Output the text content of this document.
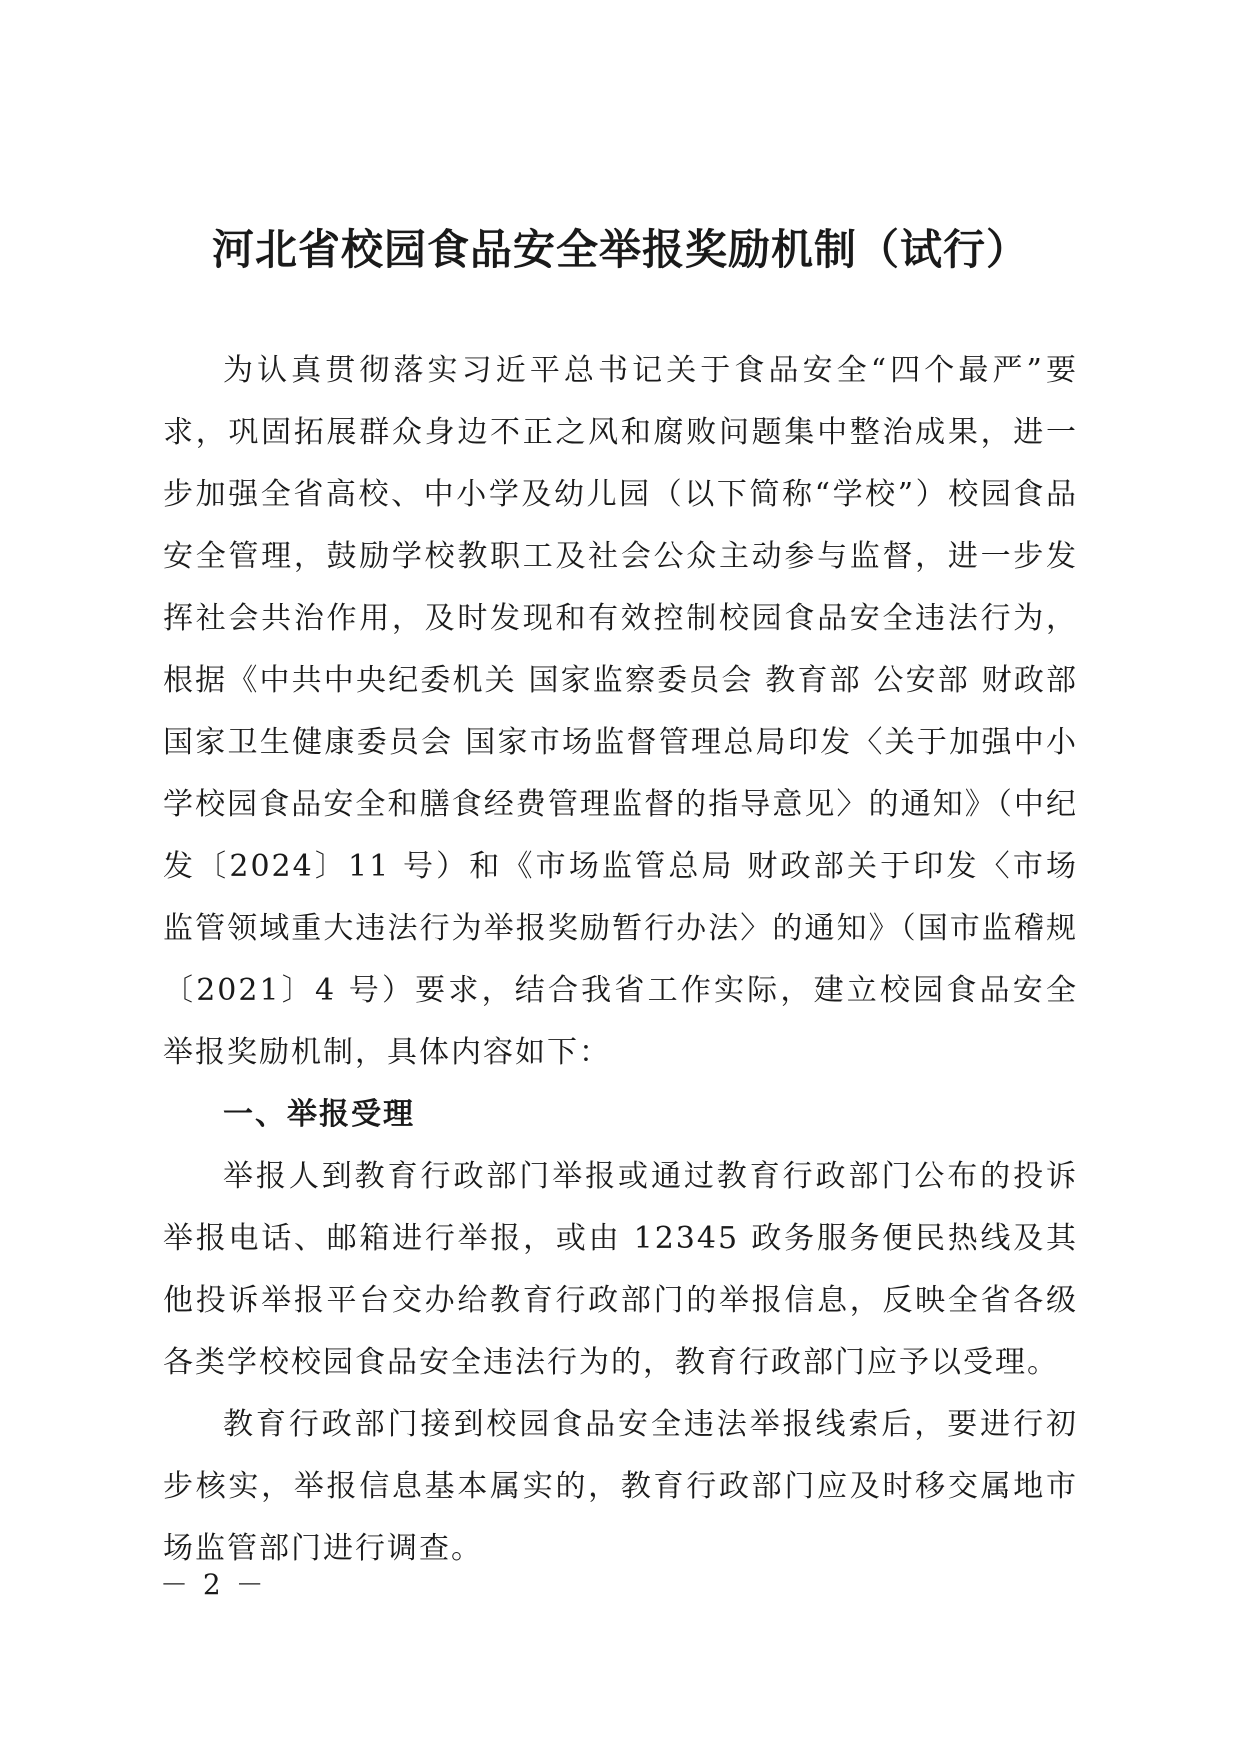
河北省校园食品安全举报奖励机制（试行）

为认真贯彻落实习近平总书记关于食品安全“四个最严”要求，巩固拓展群众身边不正之风和腐败问题集中整治成果，进一步加强全省高校、中小学及幼儿园（以下简称“学校”）校园食品安全管理，鼓励学校教职工及社会公众主动参与监督，进一步发挥社会共治作用，及时发现和有效控制校园食品安全违法行为，根据《中共中央纪委机关 国家监察委员会 教育部 公安部 财政部 国家卫生健康委员会 国家市场监督管理总局印发〈关于加强中小学校园食品安全和膳食经费管理监督的指导意见〉的通知》（中纪发〔2024〕11 号）和《市场监管总局 财政部关于印发〈市场监管领域重大违法行为举报奖励暂行办法〉的通知》（国市监稽规〔2021〕4 号）要求，结合我省工作实际，建立校园食品安全举报奖励机制，具体内容如下：

一、举报受理

举报人到教育行政部门举报或通过教育行政部门公布的投诉举报电话、邮箱进行举报，或由 12345 政务服务便民热线及其他投诉举报平台交办给教育行政部门的举报信息，反映全省各级各类学校校园食品安全违法行为的，教育行政部门应予以受理。

教育行政部门接到校园食品安全违法举报线索后，要进行初步核实，举报信息基本属实的，教育行政部门应及时移交属地市场监管部门进行调查。

－ 2 －
